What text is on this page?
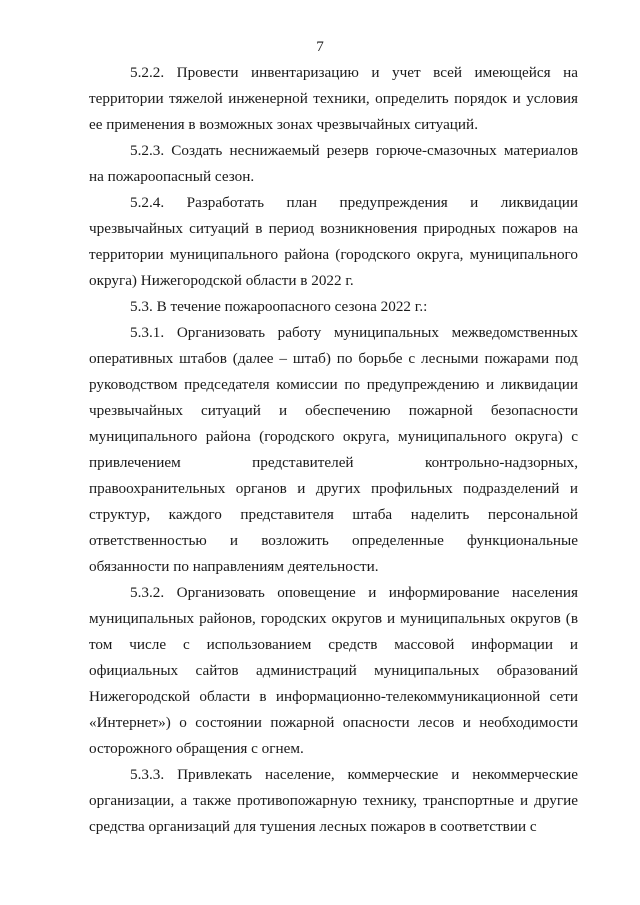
7

5.2.2. Провести инвентаризацию и учет всей имеющейся на территории тяжелой инженерной техники, определить порядок и условия ее применения в возможных зонах чрезвычайных ситуаций.

5.2.3. Создать неснижаемый резерв горюче-смазочных материалов на пожароопасный сезон.

5.2.4. Разработать план предупреждения и ликвидации чрезвычайных ситуаций в период возникновения природных пожаров на территории муниципального района (городского округа, муниципального округа) Нижегородской области в 2022 г.

5.3. В течение пожароопасного сезона 2022 г.:

5.3.1. Организовать работу муниципальных межведомственных оперативных штабов (далее – штаб) по борьбе с лесными пожарами под руководством председателя комиссии по предупреждению и ликвидации чрезвычайных ситуаций и обеспечению пожарной безопасности муниципального района (городского округа, муниципального округа) с привлечением представителей контрольно-надзорных, правоохранительных органов и других профильных подразделений и структур, каждого представителя штаба наделить персональной ответственностью и возложить определенные функциональные обязанности по направлениям деятельности.

5.3.2. Организовать оповещение и информирование населения муниципальных районов, городских округов и муниципальных округов (в том числе с использованием средств массовой информации и официальных сайтов администраций муниципальных образований Нижегородской области в информационно-телекоммуникационной сети «Интернет») о состоянии пожарной опасности лесов и необходимости осторожного обращения с огнем.

5.3.3. Привлекать население, коммерческие и некоммерческие организации, а также противопожарную технику, транспортные и другие средства организаций для тушения лесных пожаров в соответствии с
